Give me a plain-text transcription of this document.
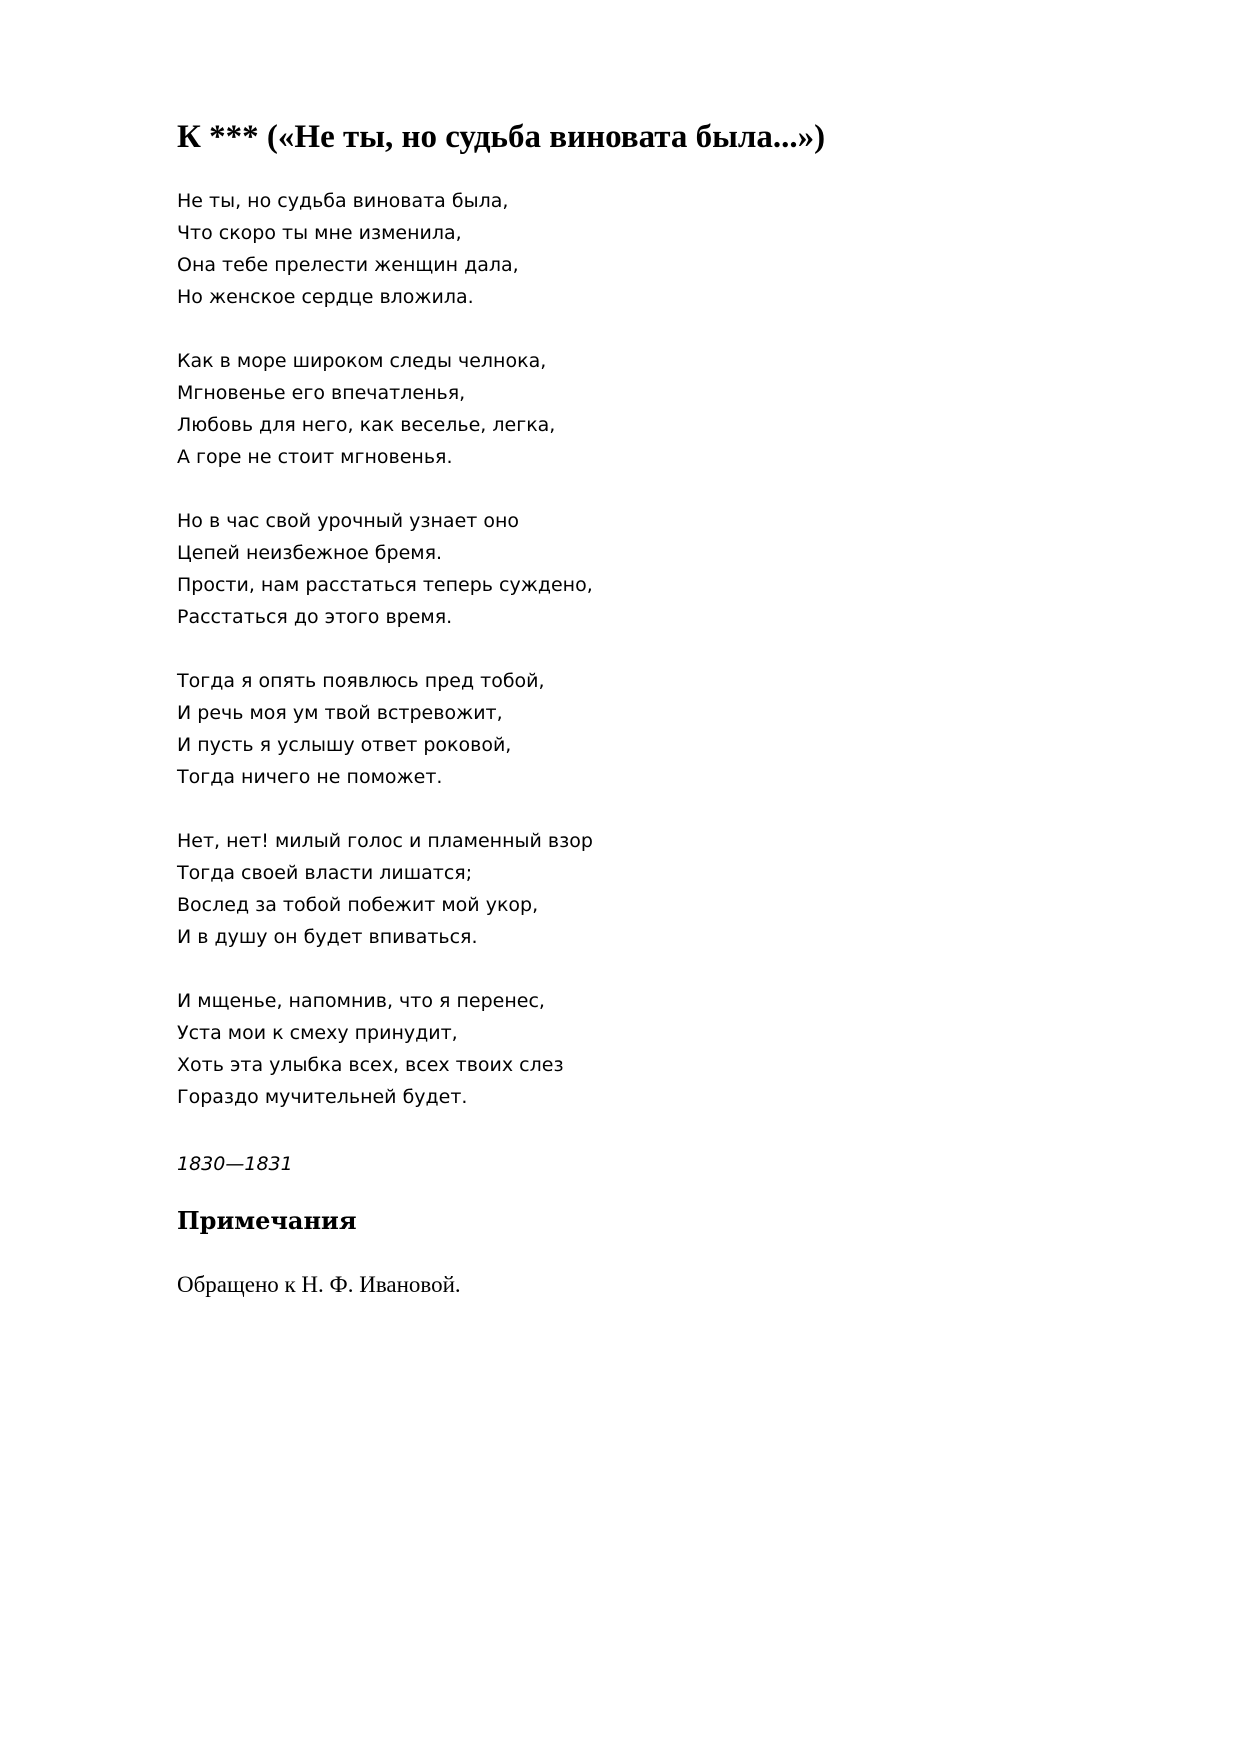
К *** («Не ты, но судьба виновата была...»)
Не ты, но судьба виновата была,
Что скоро ты мне изменила,
Она тебе прелести женщин дала,
Но женское сердце вложила.
Как в море широком следы челнока,
Мгновенье его впечатленья,
Любовь для него, как веселье, легка,
А горе не стоит мгновенья.
Но в час свой урочный узнает оно
Цепей неизбежное бремя.
Прости, нам расстаться теперь суждено,
Расстаться до этого время.
Тогда я опять появлюсь пред тобой,
И речь моя ум твой встревожит,
И пусть я услышу ответ роковой,
Тогда ничего не поможет.
Нет, нет! милый голос и пламенный взор
Тогда своей власти лишатся;
Вослед за тобой побежит мой укор,
И в душу он будет впиваться.
И мщенье, напомнив, что я перенес,
Уста мои к смеху принудит,
Хоть эта улыбка всех, всех твоих слез
Гораздо мучительней будет.
1830—1831
Примечания

Обращено к Н. Ф. Ивановой.
